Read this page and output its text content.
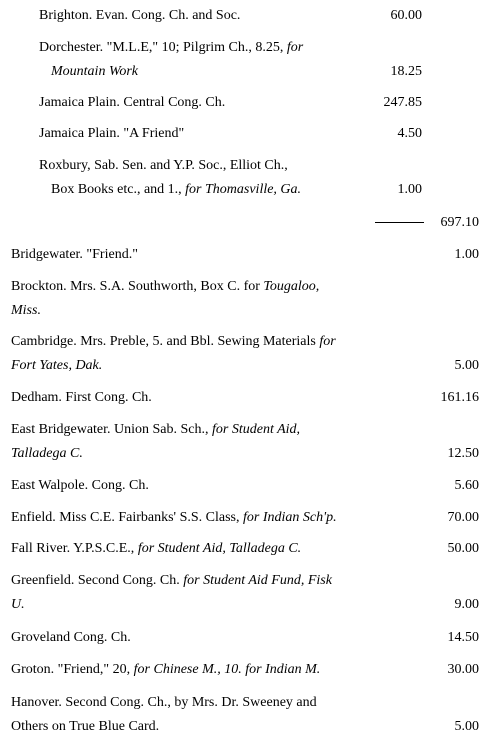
Brighton. Evan. Cong. Ch. and Soc.	60.00
Dorchester. "M.L.E," 10; Pilgrim Ch., 8.25, for
Mountain Work	18.25
Jamaica Plain. Central Cong. Ch.	247.85
Jamaica Plain. "A Friend"	4.50
Roxbury, Sab. Sen. and Y.P. Soc., Elliot Ch.,
Box Books etc., and 1., for Thomasville, Ga.	1.00
697.10
Bridgewater. "Friend."	1.00
Brockton. Mrs. S.A. Southworth, Box C. for Tougaloo,
Miss.
Cambridge. Mrs. Preble, 5. and Bbl. Sewing Materials for
Fort Yates, Dak.	5.00
Dedham. First Cong. Ch.	161.16
East Bridgewater. Union Sab. Sch., for Student Aid,
Talladega C.	12.50
East Walpole. Cong. Ch.	5.60
Enfield. Miss C.E. Fairbanks' S.S. Class, for Indian Sch'p.	70.00
Fall River. Y.P.S.C.E., for Student Aid, Talladega C.	50.00
Greenfield. Second Cong. Ch. for Student Aid Fund, Fisk
U.	9.00
Groveland Cong. Ch.	14.50
Groton. "Friend," 20, for Chinese M., 10. for Indian M.	30.00
Hanover. Second Cong. Ch., by Mrs. Dr. Sweeney and
Others on True Blue Card.	5.00
